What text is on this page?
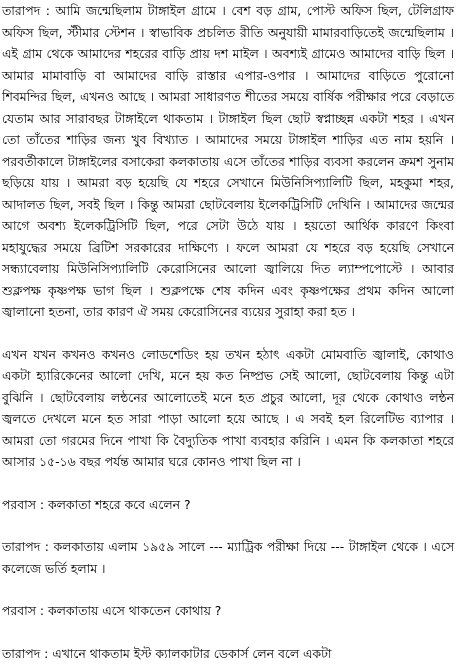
তারাপদ : আমি জন্মেছিলাম টাঙ্গাইল গ্রামে । বেশ বড় গ্রাম, পোস্ট অফিস ছিল, টেলিগ্রাফ অফিস ছিল, স্টীমার স্টেশন । স্বাভাবিক প্রচলিত রীতি অনুযায়ী মামারবাড়িতেই জন্মেছিলাম । এই গ্রাম থেকে আমাদের শহরের বাড়ি প্রায় দশ মাইল । অবশ্যই গ্রামেও আমাদের বাড়ি ছিল । আমার মামাবাড়ি বা আমাদের বাড়ি রাস্তার এপার-ওপার । আমাদের বাড়িতে পুরোনো শিবমন্দির ছিল, এখনও আছে । আমরা সাধারণত শীতের সময়ে বার্ষিক পরীক্ষার পরে বেড়াতে যেতাম আর সারাবছর টাঙ্গাইলে থাকতাম । টাঙ্গাইল ছিল ছোট স্বপ্নাচ্ছন্ন একটা শহর । এখন তো তাঁতের শাড়ির জন্য খুব বিখ্যাত । আমাদের সময়ে টাঙ্গাইল শাড়ির এত নাম হয়নি । পরবর্তীকালে টাঙ্গাইলের বসাকেরা কলকাতায় এসে তাঁতের শাড়ির ব্যবসা করলেন ক্রমশ সুনাম ছড়িয়ে যায় । আমরা বড় হয়েছি যে শহরে সেখানে মিউনিসিপ্যালিটি ছিল, মহকুমা শহর, আদালত ছিল, সবই ছিল । কিন্তু আমরা ছোটবেলায় ইলেকট্রিসিটি দেখিনি । আমাদের জন্মের আগে অবশ্য ইলেকট্রিসিটি ছিল, পরে সেটা উঠে যায় । হয়তো আর্থিক কারণে কিংবা মহাযুদ্ধের সময়ে ব্রিটিশ সরকারের দাক্ষিণ্যে । ফলে আমরা যে শহরে বড় হয়েছি সেখানে সন্ধ্যাবেলায় মিউনিসিপ্যালিটি কেরোসিনের আলো জ্বালিয়ে দিত ল্যাম্পপোস্টে । আবার শুক্লপক্ষ কৃষ্ণপক্ষ ভাগ ছিল । শুক্লপক্ষে শেষ কদিন এবং কৃষ্ণপক্ষের প্রথম কদিন আলো জ্বালানো হতনা, তার কারণ ঐ সময় কেরোসিনের ব্যয়ের সুরাহা করা হত ।

এখন যখন কখনও কখনও লোডশেডিং হয় তখন হঠাৎ একটা মোমবাতি জ্বালাই, কোথাও একটা হ্যারিকেনের আলো দেখি, মনে হয় কত নিষ্প্রভ সেই আলো, ছোটবেলায় কিন্তু এটা বুঝিনি । ছোটবেলায় লন্ঠনের আলোতেই মনে হত প্রচুর আলো, দূর থেকে কোথাও লন্ঠন জ্বলতে দেখলে মনে হত সারা পাড়া আলো হয়ে আছে । এ সবই হল রিলেটিভ ব্যাপার । আমরা তো গরমের দিনে পাখা কি বৈদ্যুতিক পাখা ব্যবহার করিনি । এমন কি কলকাতা শহরে আসার ১৫-১৬ বছর পর্যন্ত আমার ঘরে কোনও পাখা ছিল না ।

পরবাস : কলকাতা শহরে কবে এলেন ?

তারাপদ : কলকাতায় এলাম ১৯৫৯ সালে --- ম্যাট্রিক পরীক্ষা দিয়ে --- টাঙ্গাইল থেকে । এসে কলেজে ভর্তি হলাম ।

পরবাস : কলকাতায় এসে থাকতেন কোথায় ?

তারাপদ : এখানে থাকতাম ইস্ট ক্যালকাটার ডেকার্স লেন বলে একটা
